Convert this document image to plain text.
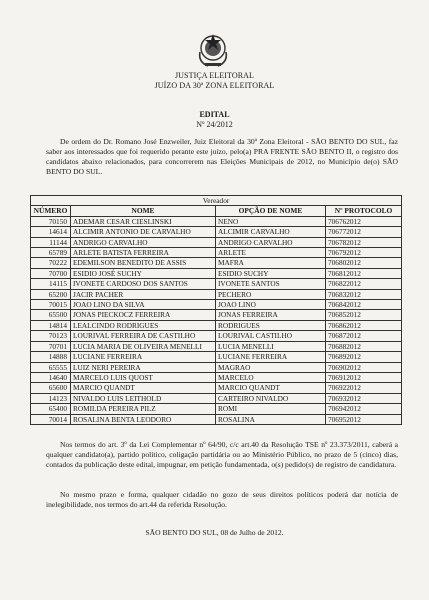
JUSTIÇA ELEITORAL
JUÍZO DA 30ª ZONA ELEITORAL
EDITAL
Nº 24/2012
De ordem do Dr. Romano José Enzweiler, Juiz Eleitoral da 30ª Zona Eleitoral - SÃO BENTO DO SUL, faz saber aos interessados que foi requerido perante este juízo, pelo(a) PRA FRENTE SÃO BENTO II, o registro dos candidatos abaixo relacionados, para concorrerem nas Eleições Municipais de 2012, no Município de(o) SÃO BENTO DO SUL.
Vereador			
NÚMERO	NOME	OPÇÃO DE NOME	Nº PROTOCOLO
70150	ADEMAR CESAR CIESLINSKI	NENO	706762012
14614	ALCIMIR ANTONIO DE CARVALHO	ALCIMIR CARVALHO	706772012
11144	ANDRIGO CARVALHO	ANDRIGO CARVALHO	706782012
65789	ARLETE BATISTA FERREIRA	ARLETE	706792012
70222	EDEMILSON BENEDITO DE ASSIS	MAFRA	706802012
70700	ESIDIO JOSÉ SUCHY	ESIDIO SUCHY	706812012
14115	IVONETE CARDOSO DOS SANTOS	IVONETE SANTOS	706822012
65200	JACIR PACHER	PECHERO	706832012
70015	JOAO LINO DA SILVA	JOAO LINO	706842012
65500	JONAS PIECKOCZ FERREIRA	JONAS FERREIRA	706852012
14814	LEALCINDO RODRIGUES	RODRIGUES	706862012
70123	LOURIVAL FERREIRA DE CASTILHO	LOURIVAL CASTILHO	706872012
70701	LUCIA MARIA DE OLIVEIRA MENELLI	LUCIA MENELLI	706882012
14888	LUCIANE FERREIRA	LUCIANE FERREIRA	706892012
65555	LUIZ NERI PEREIRA	MAGRAO	706902012
14640	MARCELO LUIS QUOST	MARCELO	706912012
65600	MARCIO QUANDT	MARCIO QUANDT	706922012
14123	NIVALDO LUIS LEITHOLD	CARTEIRO NIVALDO	706932012
65400	ROMILDA PEREIRA PILZ	ROMI	706942012
70014	ROSALINA BENTA LEODORO	ROSALINA	706952012
Nos termos do art. 3º da Lei Complementar nº 64/90, c/c art.40 da Resolução TSE nº 23.373/2011, caberá a qualquer candidato(a), partido político, coligação partidária ou ao Ministério Público, no prazo de 5 (cinco) dias, contados da publicação deste edital, impugnar, em petição fundamentada, o(s) pedido(s) de registro de candidatura.
No mesmo prazo e forma, qualquer cidadão no gozo de seus direitos políticos poderá dar notícia de inelegibilidade, nos termos do art.44 da referida Resolução.
SÃO BENTO DO SUL, 08 de Julho de 2012.
